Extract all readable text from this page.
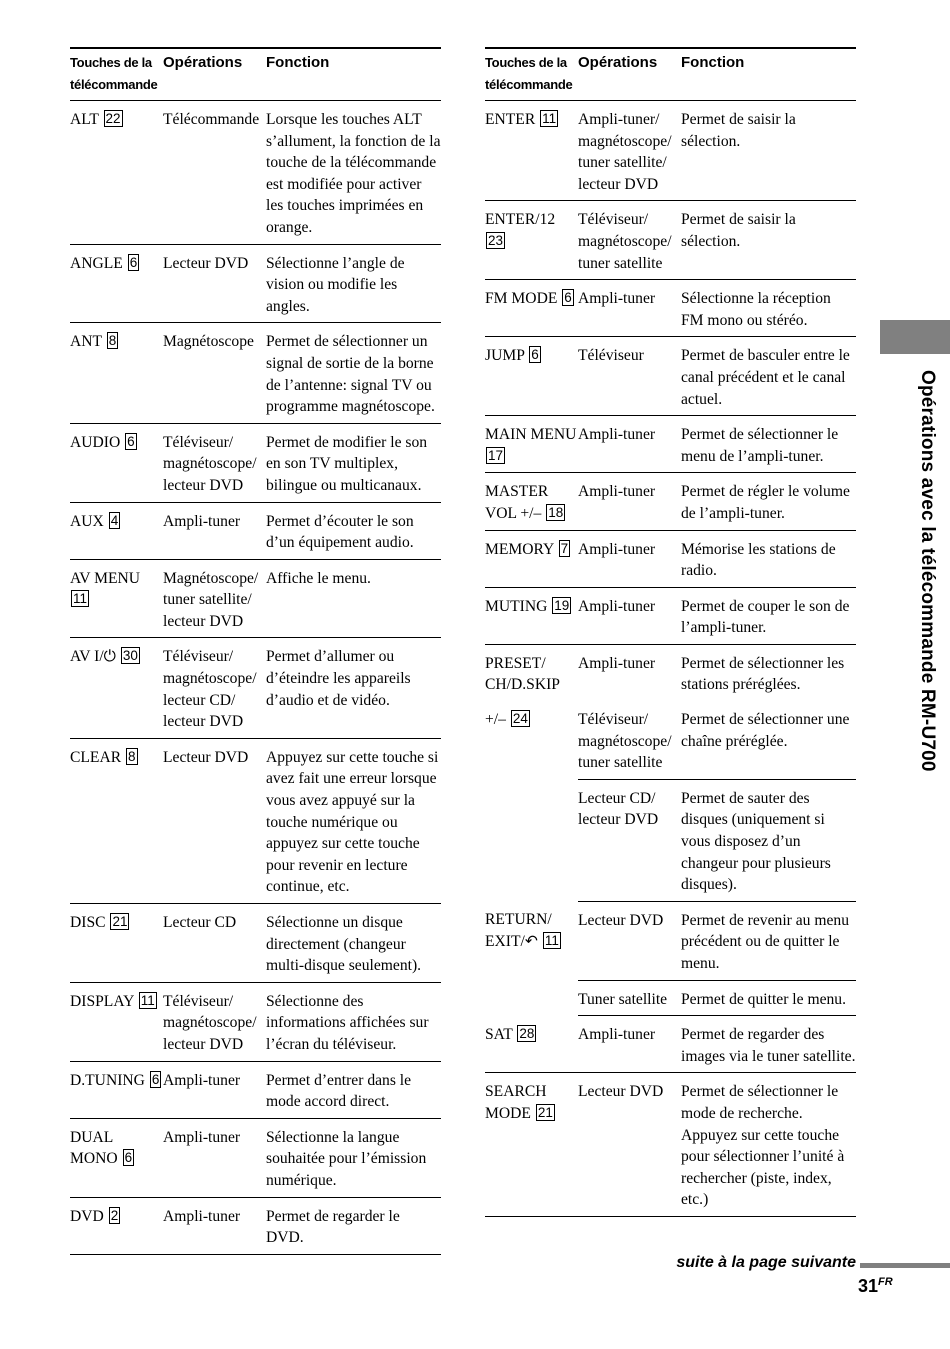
Opérations avec la télécommande RM-U700
Touches de la télécommande	Opérations	Fonction
ALT 22	Télécommande	Lorsque les touches ALT s’allument, la fonction de la touche de la télécommande est modifiée pour activer les touches imprimées en orange.
ANGLE 6	Lecteur DVD	Sélectionne l’angle de vision ou modifie les angles.
ANT 8	Magnétoscope	Permet de sélectionner un signal de sortie de la borne de l’antenne: signal TV ou programme magnétoscope.
AUDIO 6	Téléviseur/ magnétoscope/ lecteur DVD	Permet de modifier le son en son TV multiplex, bilingue ou multicanaux.
AUX 4	Ampli-tuner	Permet d’écouter le son d’un équipement audio.
AV MENU 11	Magnétoscope/ tuner satellite/ lecteur DVD	Affiche le menu.
AV I/⏻ 30	Téléviseur/ magnétoscope/ lecteur CD/ lecteur DVD	Permet d’allumer ou d’éteindre les appareils d’audio et de vidéo.
CLEAR 8	Lecteur DVD	Appuyez sur cette touche si avez fait une erreur lorsque vous avez appuyé sur la touche numérique ou appuyez sur cette touche pour revenir en lecture continue, etc.
DISC 21	Lecteur CD	Sélectionne un disque directement (changeur multi-disque seulement).
DISPLAY 11	Téléviseur/ magnétoscope/ lecteur DVD	Sélectionne des informations affichées sur l’écran du téléviseur.
D.TUNING 6	Ampli-tuner	Permet d’entrer dans le mode accord direct.
DUAL MONO 6	Ampli-tuner	Sélectionne la langue souhaitée pour l’émission numérique.
DVD 2	Ampli-tuner	Permet de regarder le DVD.
Touches de la télécommande	Opérations	Fonction
ENTER 11	Ampli-tuner/ magnétoscope/ tuner satellite/ lecteur DVD	Permet de saisir la sélection.
ENTER/12 23	Téléviseur/ magnétoscope/ tuner satellite	Permet de saisir la sélection.
FM MODE 6	Ampli-tuner	Sélectionne la réception FM mono ou stéréo.
JUMP 6	Téléviseur	Permet de basculer entre le canal précédent et le canal actuel.
MAIN MENU 17	Ampli-tuner	Permet de sélectionner le menu de l’ampli-tuner.
MASTER VOL +/– 18	Ampli-tuner	Permet de régler le volume de l’ampli-tuner.
MEMORY 7	Ampli-tuner	Mémorise les stations de radio.
MUTING 19	Ampli-tuner	Permet de couper le son de l’ampli-tuner.
PRESET/ CH/D.SKIP	Ampli-tuner	Permet de sélectionner les stations préréglées.
+/– 24	Téléviseur/ magnétoscope/ tuner satellite	Permet de sélectionner une chaîne préréglée.
	Lecteur CD/ lecteur DVD	Permet de sauter des disques (uniquement si vous disposez d’un changeur pour plusieurs disques).
RETURN/ EXIT/↶ 11	Lecteur DVD	Permet de revenir au menu précédent ou de quitter le menu.
	Tuner satellite	Permet de quitter le menu.
SAT 28	Ampli-tuner	Permet de regarder des images via le tuner satellite.
SEARCH MODE 21	Lecteur DVD	Permet de sélectionner le mode de recherche. Appuyez sur cette touche pour sélectionner l’unité à rechercher (piste, index, etc.)
suite à la page suivante
$31^{FR}$
